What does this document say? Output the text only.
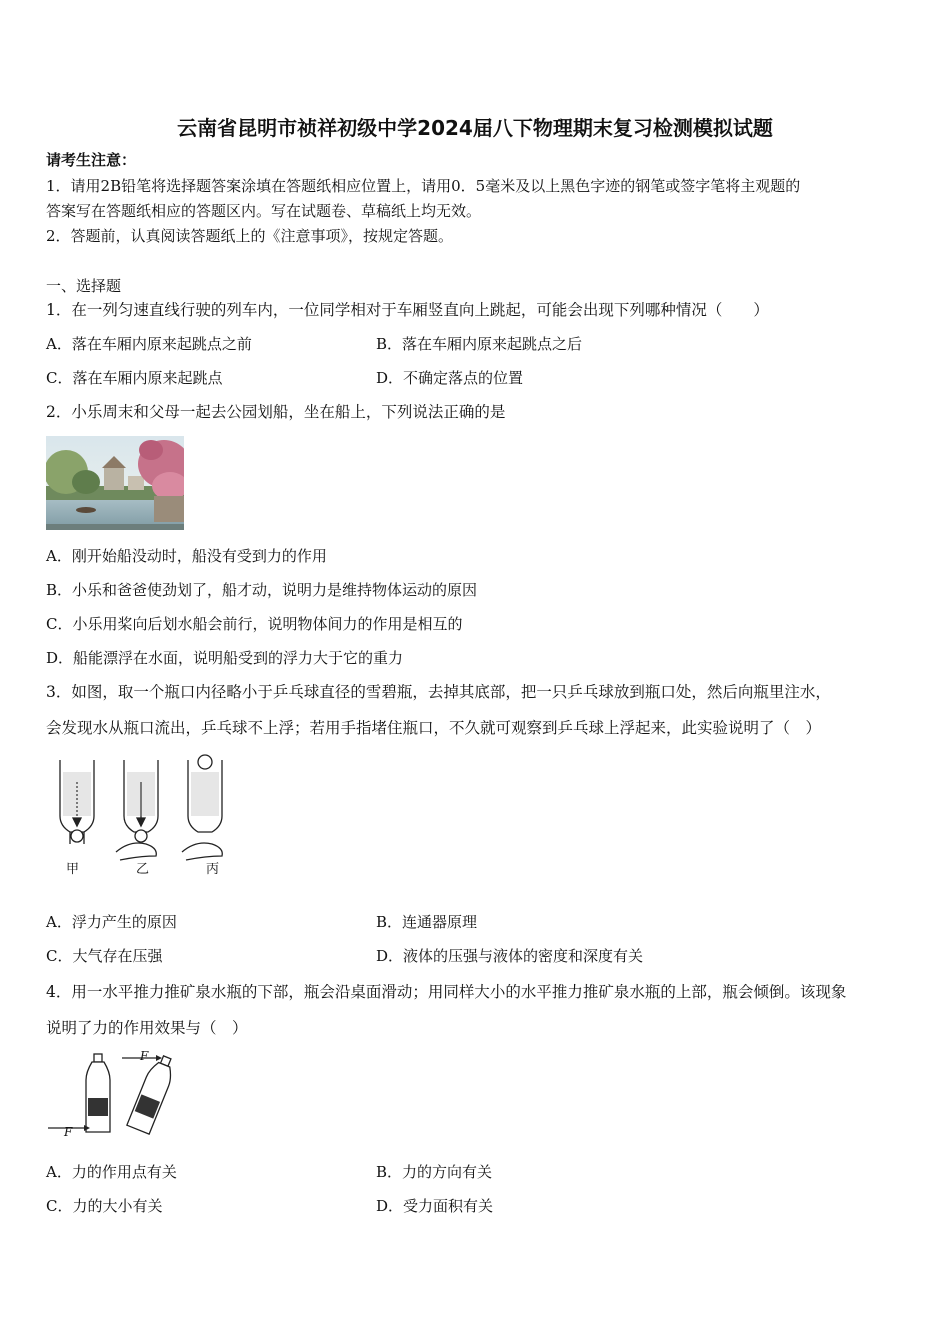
云南省昆明市祯祥初级中学2024届八下物理期末复习检测模拟试题
请考生注意：
1．请用2B铅笔将选择题答案涂填在答题纸相应位置上，请用0．5毫米及以上黑色字迹的钢笔或签字笔将主观题的
答案写在答题纸相应的答题区内。写在试题卷、草稿纸上均无效。
2．答题前，认真阅读答题纸上的《注意事项》，按规定答题。
一、选择题
1．在一列匀速直线行驶的列车内，一位同学相对于车厢竖直向上跳起，可能会出现下列哪种情况（　　）
A．落在车厢内原来起跳点之前	B．落在车厢内原来起跳点之后
C．落在车厢内原来起跳点	D．不确定落点的位置
2．小乐周末和父母一起去公园划船，坐在船上，下列说法正确的是
A．刚开始船没动时，船没有受到力的作用
B．小乐和爸爸使劲划了，船才动，说明力是维持物体运动的原因
C．小乐用桨向后划水船会前行，说明物体间力的作用是相互的
D．船能漂浮在水面，说明船受到的浮力大于它的重力
3．如图，取一个瓶口内径略小于乒乓球直径的雪碧瓶，去掉其底部，把一只乒乓球放到瓶口处，然后向瓶里注水，
会发现水从瓶口流出，乒乓球不上浮；若用手指堵住瓶口，不久就可观察到乒乓球上浮起来，此实验说明了（　）
甲	乙	丙
A．浮力产生的原因	B．连通器原理
C．大气存在压强	D．液体的压强与液体的密度和深度有关
4．用一水平推力推矿泉水瓶的下部，瓶会沿桌面滑动；用同样大小的水平推力推矿泉水瓶的上部，瓶会倾倒。该现象
说明了力的作用效果与（　）
F
F
A．力的作用点有关	B．力的方向有关
C．力的大小有关	D．受力面积有关
